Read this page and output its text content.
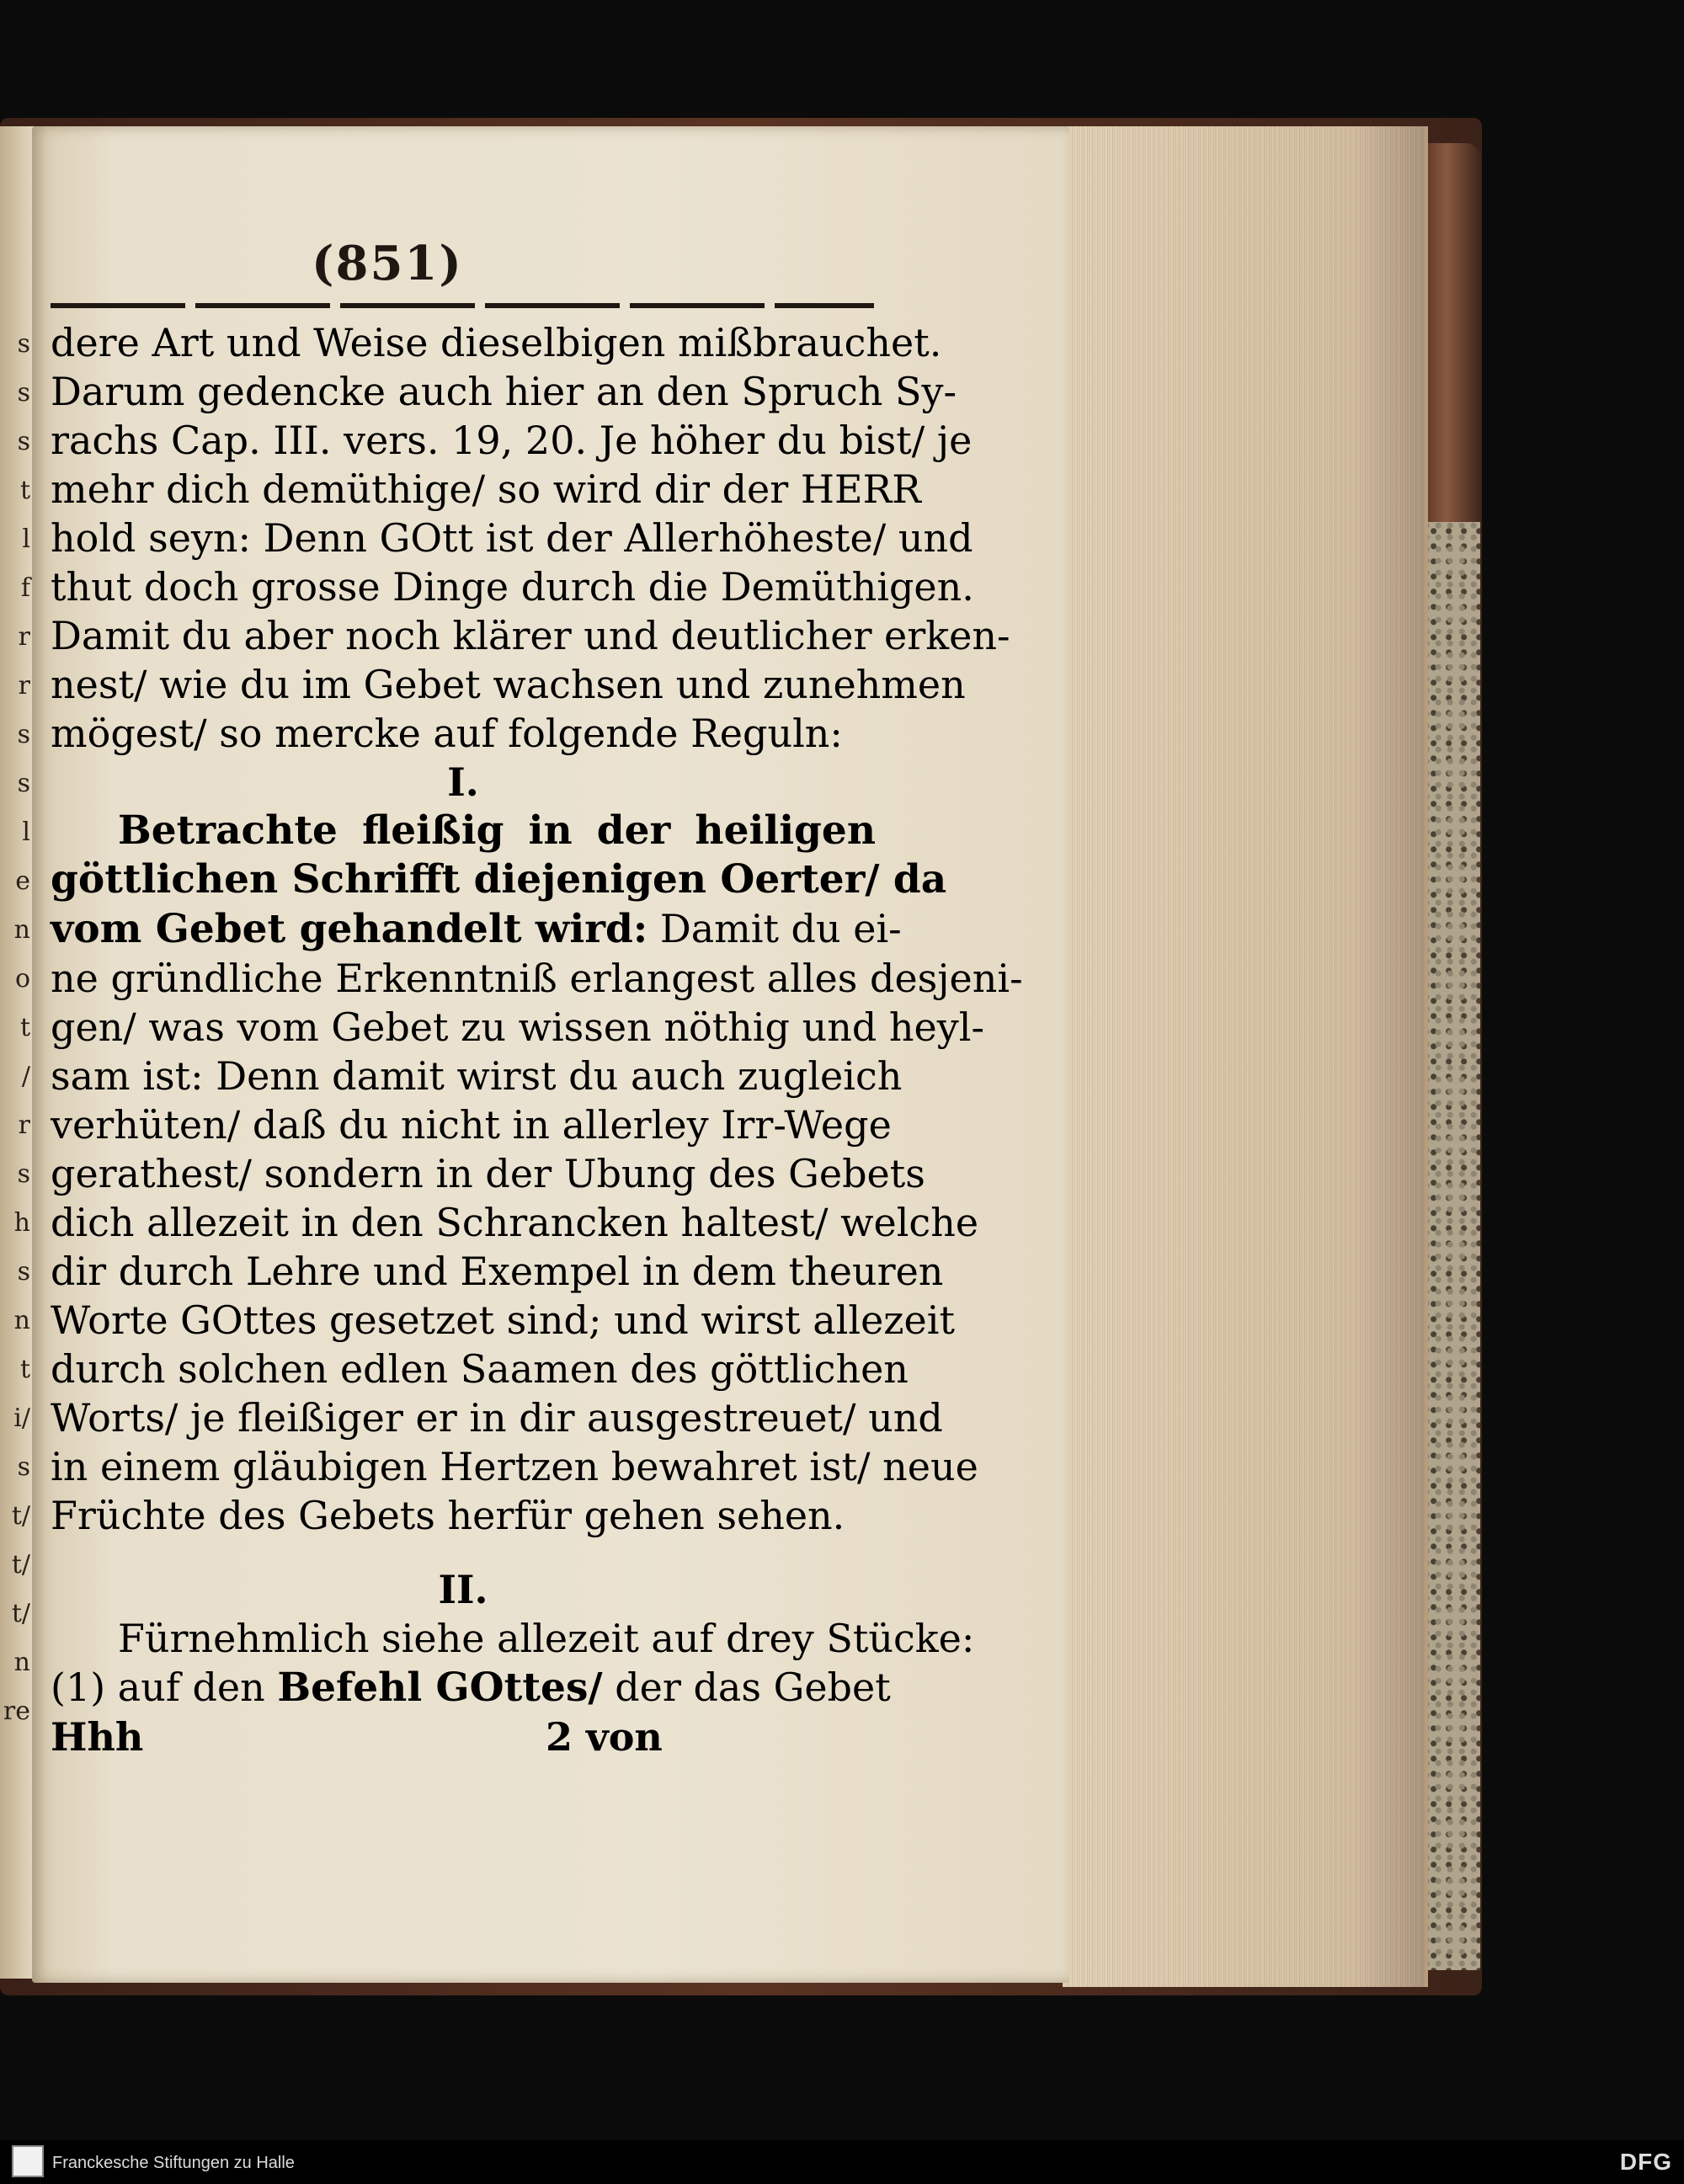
s
s
s
t
l
f
r
r
s
s
l
e
n
o
t
/
r
s
h
s
n
t
i/
s
t/
t/
t/
n
re
(851)
dere Art und Weise dieselbigen mißbrauchet.
Darum gedencke auch hier an den Spruch Sy-
rachs Cap. III. vers. 19, 20. Je höher du bist/ je
mehr dich demüthige/ so wird dir der HERR
hold seyn: Denn GOtt ist der Allerhöheste/ und
thut doch grosse Dinge durch die Demüthigen.
Damit du aber noch klärer und deutlicher erken-
nest/ wie du im Gebet wachsen und zunehmen
mögest/ so mercke auf folgende Reguln:
I.
Betrachte fleißig in der heiligen
göttlichen Schrifft diejenigen Oerter/ da
vom Gebet gehandelt wird: Damit du ei-
ne gründliche Erkenntniß erlangest alles desjeni-
gen/ was vom Gebet zu wissen nöthig und heyl-
sam ist: Denn damit wirst du auch zugleich
verhüten/ daß du nicht in allerley Irr-Wege
gerathest/ sondern in der Ubung des Gebets
dich allezeit in den Schrancken haltest/ welche
dir durch Lehre und Exempel in dem theuren
Worte GOttes gesetzet sind; und wirst allezeit
durch solchen edlen Saamen des göttlichen
Worts/ je fleißiger er in dir ausgestreuet/ und
in einem gläubigen Hertzen bewahret ist/ neue
Früchte des Gebets herfür gehen sehen.
II.
Fürnehmlich siehe allezeit auf drey Stücke:
(1) auf den Befehl GOttes/ der das Gebet
Hhh 2 von
Franckesche Stiftungen zu Halle	DFG
